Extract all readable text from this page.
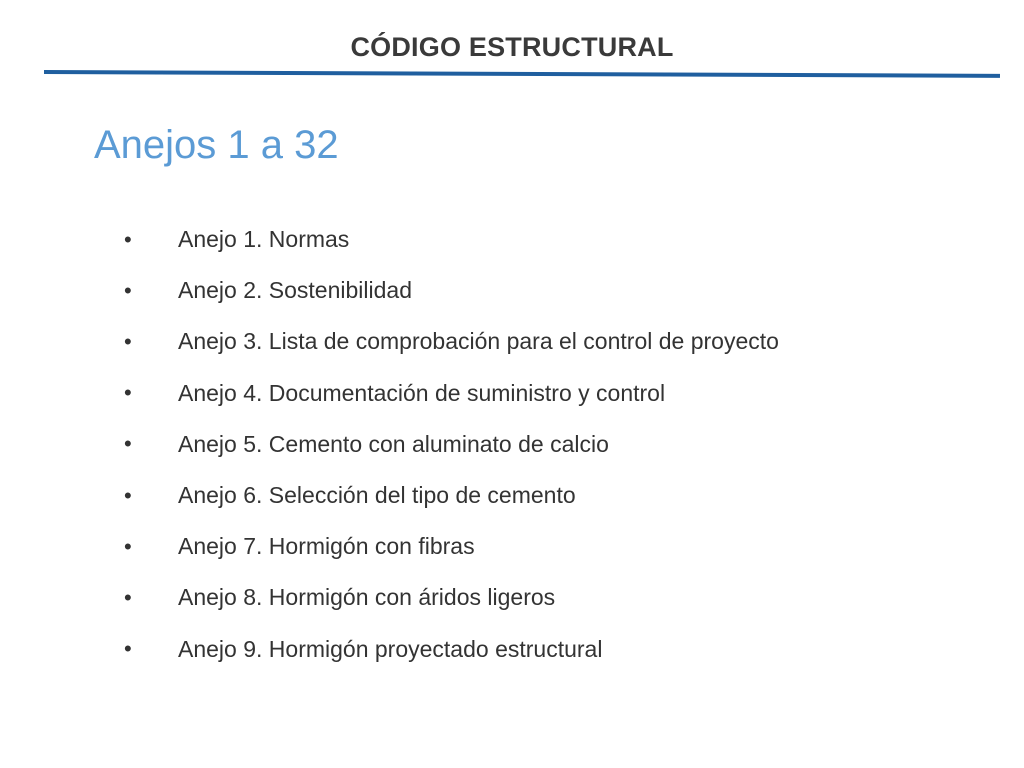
CÓDIGO ESTRUCTURAL
Anejos 1 a 32
•	Anejo 1. Normas
•	Anejo 2. Sostenibilidad
•	Anejo 3. Lista de comprobación para el control de proyecto
•	Anejo 4. Documentación de suministro y control
•	Anejo 5. Cemento con aluminato de calcio
•	Anejo 6. Selección del tipo de cemento
•	Anejo 7. Hormigón con fibras
•	Anejo 8. Hormigón con áridos ligeros
•	Anejo 9. Hormigón proyectado estructural
